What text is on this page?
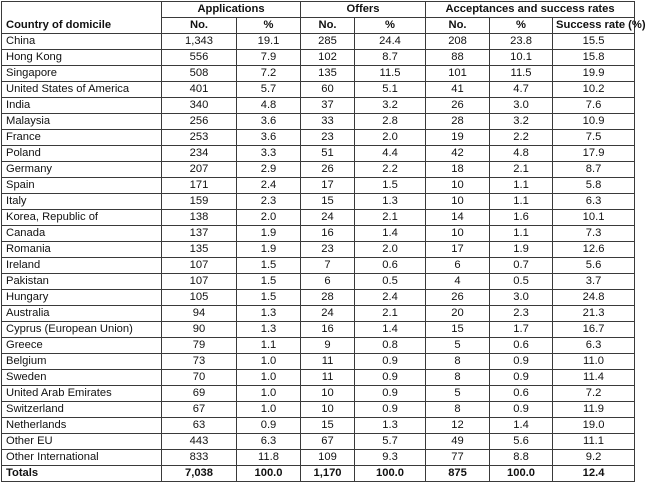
Country of domicile	Applications		Offers		Acceptances and success rates		
	No.	%	No.	%	No.	%	Success rate (%)
China	1,343	19.1	285	24.4	208	23.8	15.5
Hong Kong	556	7.9	102	8.7	88	10.1	15.8
Singapore	508	7.2	135	11.5	101	11.5	19.9
United States of America	401	5.7	60	5.1	41	4.7	10.2
India	340	4.8	37	3.2	26	3.0	7.6
Malaysia	256	3.6	33	2.8	28	3.2	10.9
France	253	3.6	23	2.0	19	2.2	7.5
Poland	234	3.3	51	4.4	42	4.8	17.9
Germany	207	2.9	26	2.2	18	2.1	8.7
Spain	171	2.4	17	1.5	10	1.1	5.8
Italy	159	2.3	15	1.3	10	1.1	6.3
Korea, Republic of	138	2.0	24	2.1	14	1.6	10.1
Canada	137	1.9	16	1.4	10	1.1	7.3
Romania	135	1.9	23	2.0	17	1.9	12.6
Ireland	107	1.5	7	0.6	6	0.7	5.6
Pakistan	107	1.5	6	0.5	4	0.5	3.7
Hungary	105	1.5	28	2.4	26	3.0	24.8
Australia	94	1.3	24	2.1	20	2.3	21.3
Cyprus (European Union)	90	1.3	16	1.4	15	1.7	16.7
Greece	79	1.1	9	0.8	5	0.6	6.3
Belgium	73	1.0	11	0.9	8	0.9	11.0
Sweden	70	1.0	11	0.9	8	0.9	11.4
United Arab Emirates	69	1.0	10	0.9	5	0.6	7.2
Switzerland	67	1.0	10	0.9	8	0.9	11.9
Netherlands	63	0.9	15	1.3	12	1.4	19.0
Other EU	443	6.3	67	5.7	49	5.6	11.1
Other International	833	11.8	109	9.3	77	8.8	9.2
Totals	7,038	100.0	1,170	100.0	875	100.0	12.4
